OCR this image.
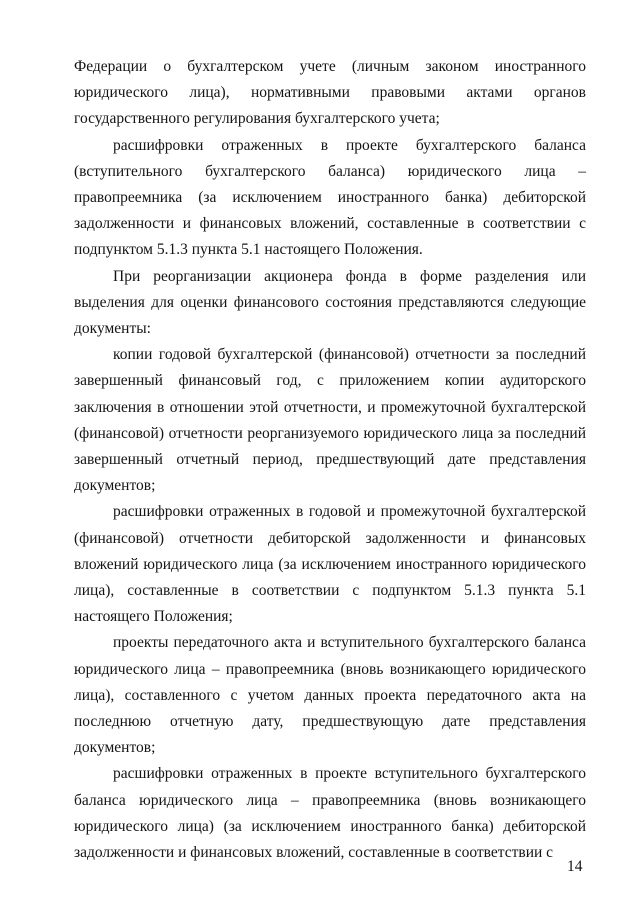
Федерации о бухгалтерском учете (личным законом иностранного юридического лица), нормативными правовыми актами органов государственного регулирования бухгалтерского учета;

расшифровки отраженных в проекте бухгалтерского баланса (вступительного бухгалтерского баланса) юридического лица – правопреемника (за исключением иностранного банка) дебиторской задолженности и финансовых вложений, составленные в соответствии с подпунктом 5.1.3 пункта 5.1 настоящего Положения.

При реорганизации акционера фонда в форме разделения или выделения для оценки финансового состояния представляются следующие документы:

копии годовой бухгалтерской (финансовой) отчетности за последний завершенный финансовый год, с приложением копии аудиторского заключения в отношении этой отчетности, и промежуточной бухгалтерской (финансовой) отчетности реорганизуемого юридического лица за последний завершенный отчетный период, предшествующий дате представления документов;

расшифровки отраженных в годовой и промежуточной бухгалтерской (финансовой) отчетности дебиторской задолженности и финансовых вложений юридического лица (за исключением иностранного юридического лица), составленные в соответствии с подпунктом 5.1.3 пункта 5.1 настоящего Положения;

проекты передаточного акта и вступительного бухгалтерского баланса юридического лица – правопреемника (вновь возникающего юридического лица), составленного с учетом данных проекта передаточного акта на последнюю отчетную дату, предшествующую дате представления документов;

расшифровки отраженных в проекте вступительного бухгалтерского баланса юридического лица – правопреемника (вновь возникающего юридического лица) (за исключением иностранного банка) дебиторской задолженности и финансовых вложений, составленные в соответствии с

14
